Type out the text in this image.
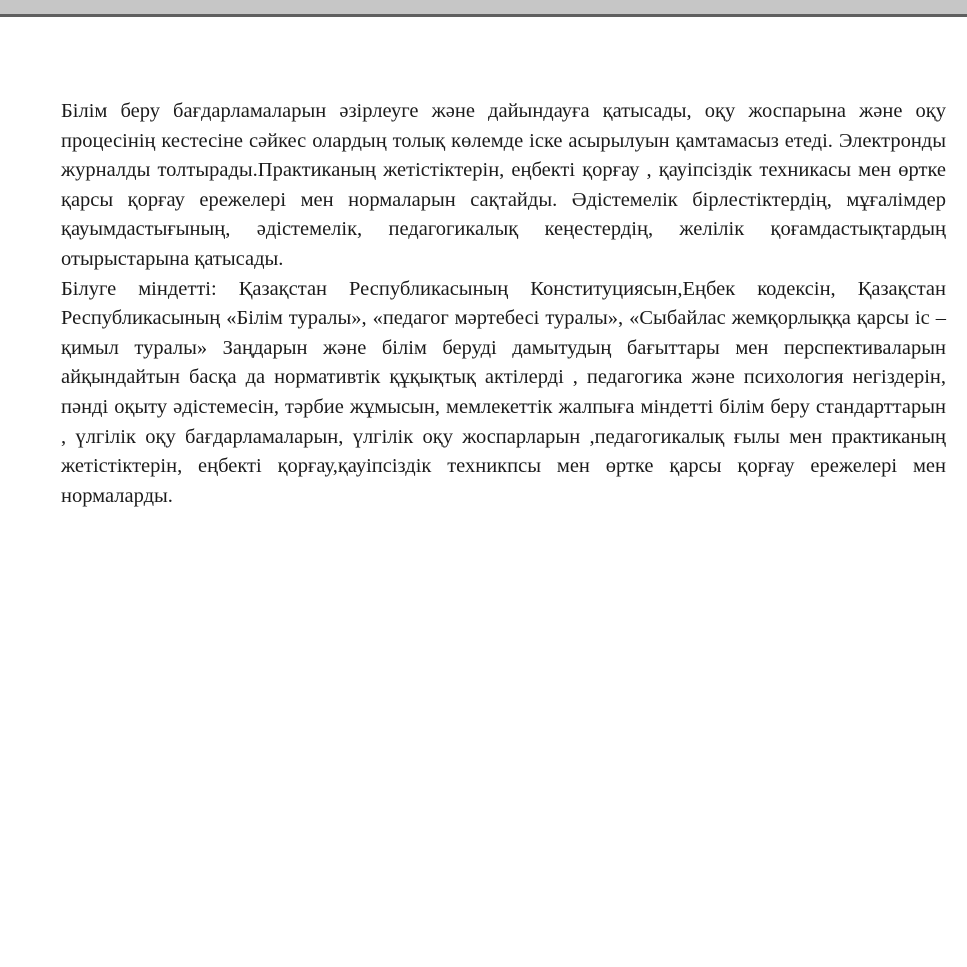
Білім беру бағдарламаларын әзірлеуге және дайындауға қатысады, оқу жоспарына және оқу процесінің кестесіне сәйкес олардың толық көлемде іске асырылуын қамтамасыз етеді. Электронды журналды толтырады.Практиканың жетістіктерін, еңбекті қорғау , қауіпсіздік техникасы мен өртке қарсы қорғау ережелері мен нормаларын сақтайды. Әдістемелік бірлестіктердің, мұғалімдер қауымдастығының, әдістемелік, педагогикалық кеңестердің, желілік қоғамдастықтардың отырыстарына қатысады.

Білуге міндетті: Қазақстан Республикасының Конституциясын,Еңбек кодексін, Қазақстан Республикасының «Білім туралы», «педагог мәртебесі туралы», «Сыбайлас жемқорлыққа қарсы іс –қимыл туралы» Заңдарын және білім беруді дамытудың бағыттары мен перспективаларын айқындайтын басқа да нормативтік құқықтық актілерді , педагогика және психология негіздерін, пәнді оқыту әдістемесін, тәрбие жұмысын, мемлекеттік жалпыға міндетті білім беру стандарттарын , үлгілік оқу бағдарламаларын, үлгілік оқу жоспарларын ,педагогикалық ғылы мен практиканың жетістіктерін, еңбекті қорғау,қауіпсіздік техникпсы мен өртке қарсы қорғау ережелері мен нормаларды.
